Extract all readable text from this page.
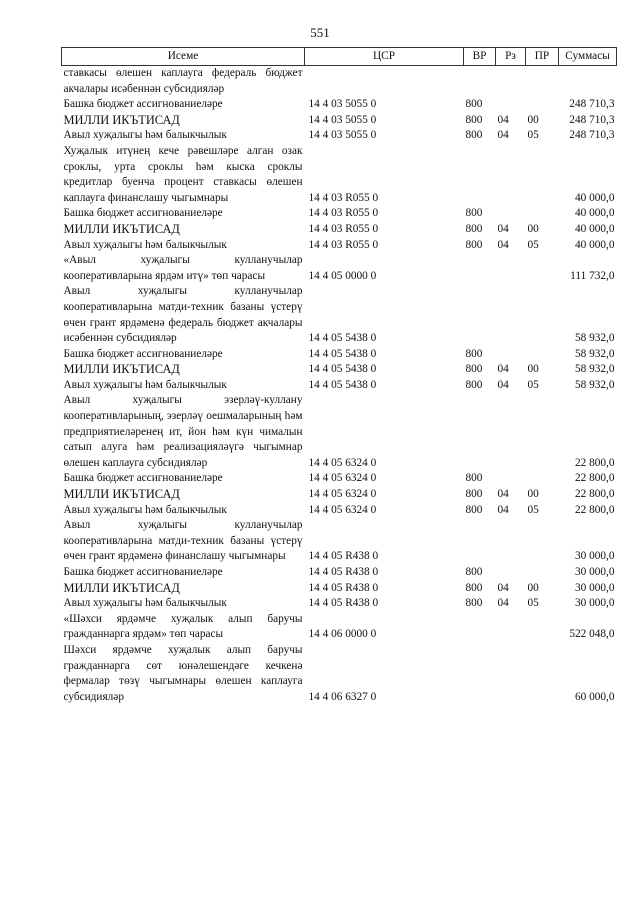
551
Исеме	ЦСР	ВР	Рз	ПР	Суммасы
ставкасы өлешен каплауга федераль бюджет акчалары исәбеннән субсидияләр					
Башка бюджет ассигнованиеләре	14 4 03 5055 0	800			248 710,3
МИЛЛИ ИКЪТИСАД	14 4 03 5055 0	800	04	00	248 710,3
Авыл хуҗалыгы һәм балыкчылык	14 4 03 5055 0	800	04	05	248 710,3
Хуҗалык итүнең кече рәвешләре алган озак сроклы, урта сроклы һәм кыска сроклы кредитлар буенча процент ставкасы өлешен каплауга финанслашу чыгымнары	14 4 03 R055 0				40 000,0
Башка бюджет ассигнованиеләре	14 4 03 R055 0	800			40 000,0
МИЛЛИ ИКЪТИСАД	14 4 03 R055 0	800	04	00	40 000,0
Авыл хуҗалыгы һәм балыкчылык	14 4 03 R055 0	800	04	05	40 000,0
«Авыл хуҗалыгы кулланучылар кооперативларына ярдәм итү» төп чарасы	14 4 05 0000 0				111 732,0
Авыл хуҗалыгы кулланучылар кооперативларына матди-техник базаны үстерү өчен грант ярдәменә федераль бюджет акчалары исәбеннән субсидияләр	14 4 05 5438 0				58 932,0
Башка бюджет ассигнованиеләре	14 4 05 5438 0	800			58 932,0
МИЛЛИ ИКЪТИСАД	14 4 05 5438 0	800	04	00	58 932,0
Авыл хуҗалыгы һәм балыкчылык	14 4 05 5438 0	800	04	05	58 932,0
Авыл хуҗалыгы эзерләү-куллану кооперативларының, эзерләү оешмаларының һәм предприятиеләренең ит, йон һәм күн чималын сатып алуга һәм реализацияләүгә чыгымнар өлешен каплауга субсидияләр	14 4 05 6324 0				22 800,0
Башка бюджет ассигнованиеләре	14 4 05 6324 0	800			22 800,0
МИЛЛИ ИКЪТИСАД	14 4 05 6324 0	800	04	00	22 800,0
Авыл хуҗалыгы һәм балыкчылык	14 4 05 6324 0	800	04	05	22 800,0
Авыл хуҗалыгы кулланучылар кооперативларына матди-техник базаны үстерү өчен грант ярдәменә финанслашу чыгымнары	14 4 05 R438 0				30 000,0
Башка бюджет ассигнованиеләре	14 4 05 R438 0	800			30 000,0
МИЛЛИ ИКЪТИСАД	14 4 05 R438 0	800	04	00	30 000,0
Авыл хуҗалыгы һәм балыкчылык	14 4 05 R438 0	800	04	05	30 000,0
«Шәхси ярдәмче хуҗалык алып баручы гражданнарга ярдәм» төп чарасы	14 4 06 0000 0				522 048,0
Шәхси ярдәмче хуҗалык алып баручы гражданнарга сөт юнәлешендәге кечкенә фермалар төзү чыгымнары өлешен каплауга субсидияләр	14 4 06 6327 0				60 000,0
